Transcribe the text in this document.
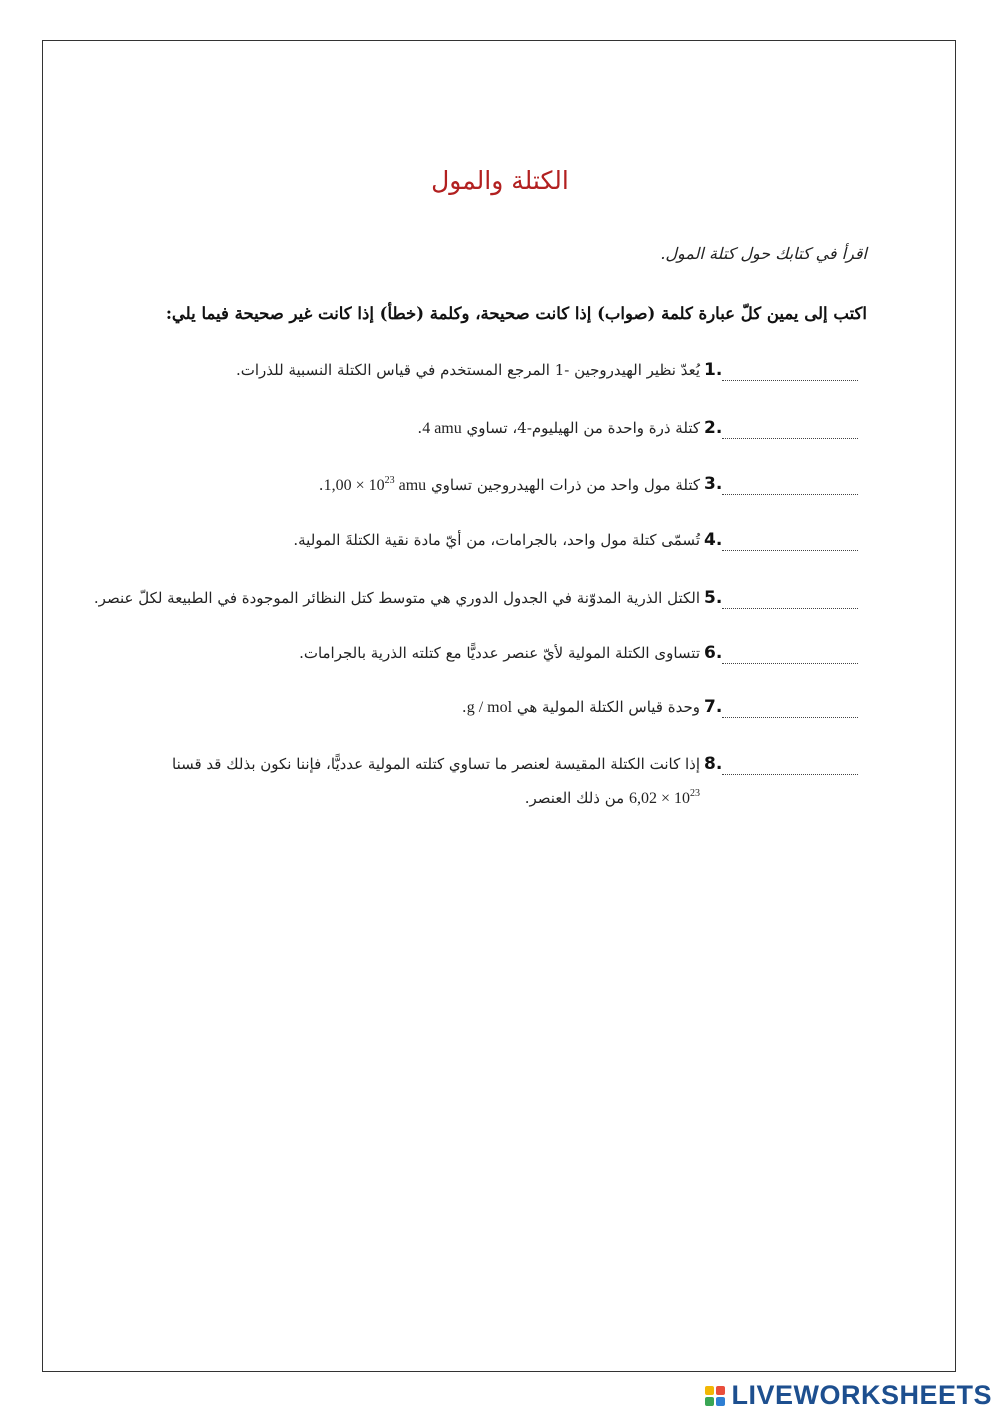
الكتلة والمول
اقرأ في كتابك حول كتلة المول.
اكتب إلى يمين كلّ عبارة كلمة (صواب) إذا كانت صحيحة، وكلمة (خطأ) إذا كانت غير صحيحة فيما يلي:
1.
يُعدّ نظير الهيدروجين -1 المرجع المستخدم في قياس الكتلة النسبية للذرات.
2.
كتلة ذرة واحدة من الهيليوم-4، تساوي 4 amu.
3.
كتلة مول واحد من ذرات الهيدروجين تساوي $1,00 \times 10^{23}$ amu.
4.
تُسمّى كتلة مول واحد، بالجرامات، من أيّ مادة نقية الكتلةَ المولية.
5.
الكتل الذرية المدوّنة في الجدول الدوري هي متوسط كتل النظائر الموجودة في الطبيعة لكلّ عنصر.
6.
تتساوى الكتلة المولية لأيّ عنصر عدديًّا مع كتلته الذرية بالجرامات.
7.
وحدة قياس الكتلة المولية هي g / mol.
8.
إذا كانت الكتلة المقيسة لعنصر ما تساوي كتلته المولية عدديًّا، فإننا نكون بذلك قد قسنا
$6,02 \times 10^{23}$ من ذلك العنصر.
LIVEWORKSHEETS
